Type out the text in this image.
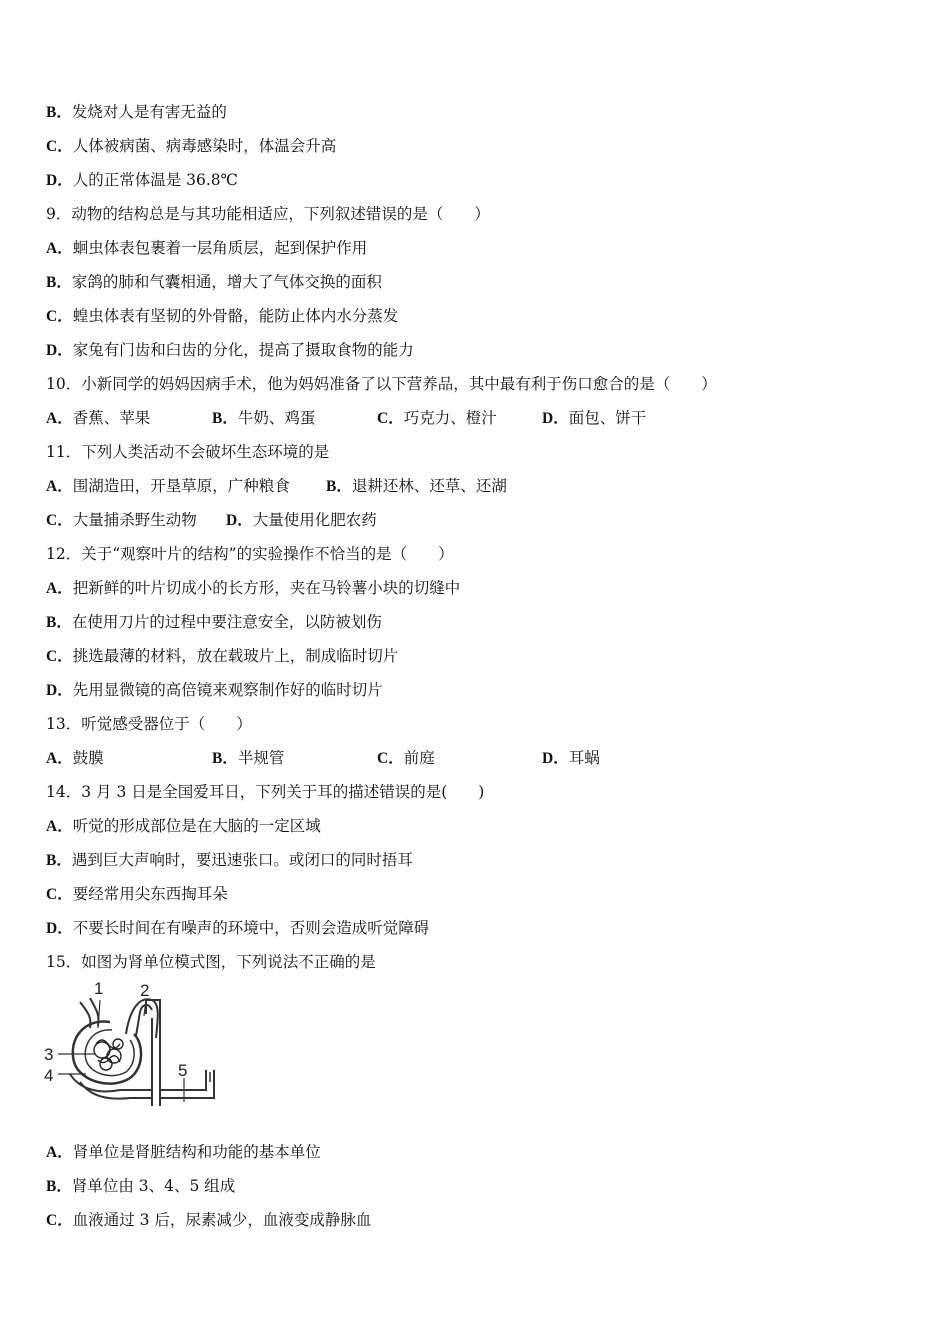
B．发烧对人是有害无益的
C．人体被病菌、病毒感染时，体温会升高
D．人的正常体温是 36.8℃
9．动物的结构总是与其功能相适应，下列叙述错误的是（　　）
A．蛔虫体表包裹着一层角质层，起到保护作用
B．家鸽的肺和气囊相通，增大了气体交换的面积
C．蝗虫体表有坚韧的外骨骼，能防止体内水分蒸发
D．家兔有门齿和臼齿的分化，提高了摄取食物的能力
10．小新同学的妈妈因病手术，他为妈妈准备了以下营养品，其中最有利于伤口愈合的是（　　）
A．香蕉、苹果	B．牛奶、鸡蛋	C．巧克力、橙汁	D．面包、饼干
11．下列人类活动不会破坏生态环境的是
A．围湖造田，开垦草原，广种粮食 B．退耕还林、还草、还湖
C．大量捕杀野生动物 D．大量使用化肥农药
12．关于“观察叶片的结构”的实验操作不恰当的是（　　）
A．把新鲜的叶片切成小的长方形，夹在马铃薯小块的切缝中
B．在使用刀片的过程中要注意安全，以防被划伤
C．挑选最薄的材料，放在载玻片上，制成临时切片
D．先用显微镜的高倍镜来观察制作好的临时切片
13．听觉感受器位于（　　）
A．鼓膜	B．半规管	C．前庭	D．耳蜗
14．3 月 3 日是全国爱耳日，下列关于耳的描述错误的是(　　)
A．听觉的形成部位是在大脑的一定区域
B．遇到巨大声响时，要迅速张口。或闭口的同时捂耳
C．要经常用尖东西掏耳朵
D．不要长时间在有噪声的环境中，否则会造成听觉障碍
15．如图为肾单位模式图，下列说法不正确的是
1 2
3
4	5
A．肾单位是肾脏结构和功能的基本单位
B．肾单位由 3、4、5 组成
C．血液通过 3 后，尿素减少，血液变成静脉血
